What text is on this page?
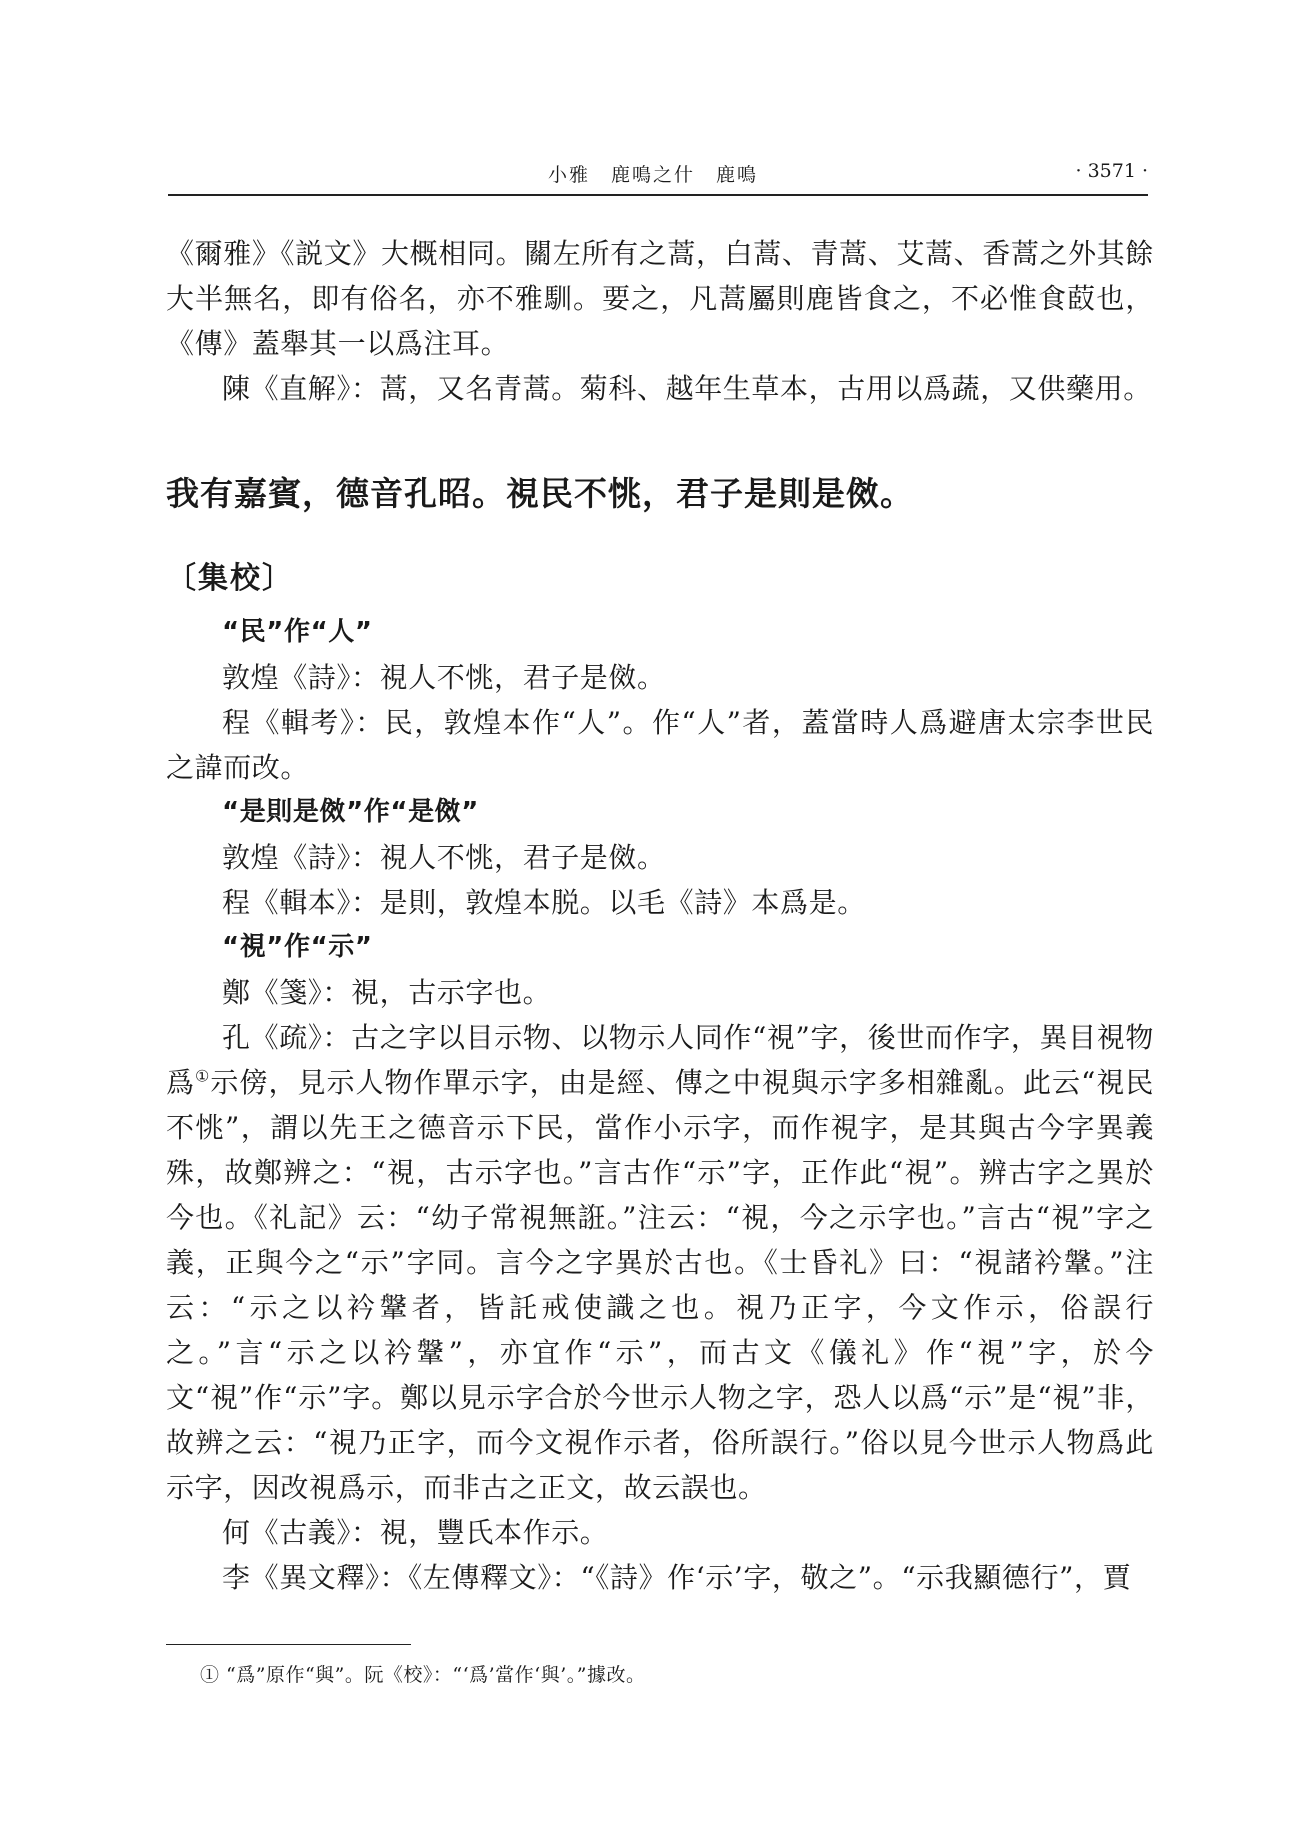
小雅　鹿鳴之什　鹿鳴	· 3571 ·

《爾雅》《説文》大概相同。關左所有之蒿，白蒿、青蒿、艾蒿、香蒿之外其餘大半無名，即有俗名，亦不雅馴。要之，凡蒿屬則鹿皆食之，不必惟食菣也，《傳》蓋舉其一以爲注耳。

陳《直解》：蒿，又名青蒿。菊科、越年生草本，古用以爲蔬，又供藥用。

我有嘉賓，德音孔昭。視民不恌，君子是則是傚。
〔集校〕

“民”作“人”

敦煌《詩》：視人不恌，君子是傚。

程《輯考》：民，敦煌本作“人”。作“人”者，蓋當時人爲避唐太宗李世民之諱而改。

“是則是傚”作“是傚”

敦煌《詩》：視人不恌，君子是傚。

程《輯本》：是則，敦煌本脱。以毛《詩》本爲是。

“視”作“示”

鄭《箋》：視，古示字也。

孔《疏》：古之字以目示物、以物示人同作“視”字，後世而作字，異目視物爲①示傍，見示人物作單示字，由是經、傳之中視與示字多相雜亂。此云“視民不恌”，謂以先王之德音示下民，當作小示字，而作視字，是其與古今字異義殊，故鄭辨之：“視，古示字也。”言古作“示”字，正作此“視”。辨古字之異於今也。《礼記》云：“幼子常視無誑。”注云：“視，今之示字也。”言古“視”字之義，正與今之“示”字同。言今之字異於古也。《士昏礼》曰：“視諸衿鞶。”注云：“示之以衿鞶者，皆託戒使識之也。視乃正字，今文作示，俗誤行之。”言“示之以衿鞶”，亦宜作“示”，而古文《儀礼》作“視”字，於今文“視”作“示”字。鄭以見示字合於今世示人物之字，恐人以爲“示”是“視”非，故辨之云：“視乃正字，而今文視作示者，俗所誤行。”俗以見今世示人物爲此示字，因改視爲示，而非古之正文，故云誤也。

何《古義》：視，豐氏本作示。

李《異文釋》：《左傳釋文》：“《詩》作‘示’字，敬之”。“示我顯德行”，賈

① “爲”原作“與”。阮《校》：“‘爲’當作‘與’。”據改。
